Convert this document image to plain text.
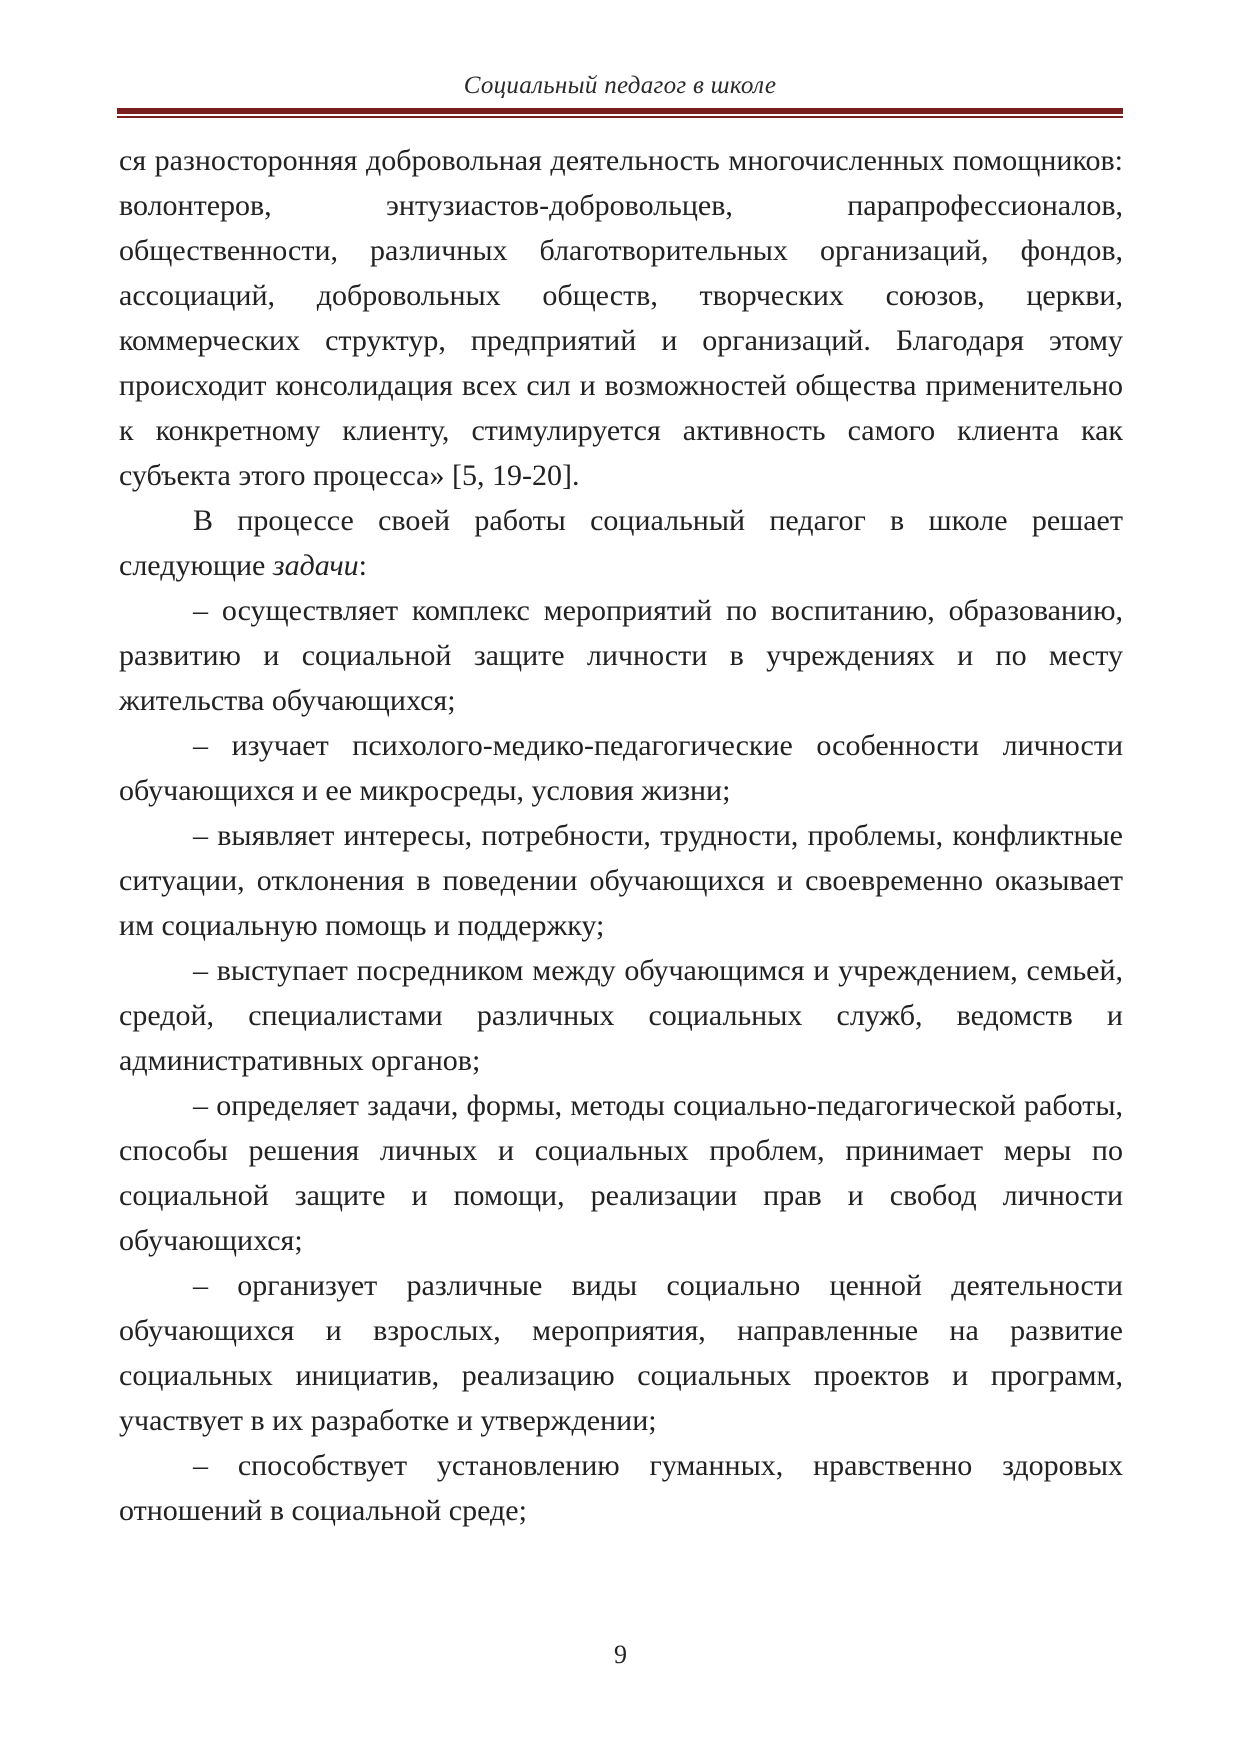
Социальный педагог в школе

ся разносторонняя добровольная деятельность многочисленных помощников: волонтеров, энтузиастов-добровольцев, парапрофессионалов, общественности, различных благотворительных организаций, фондов, ассоциаций, добровольных обществ, творческих союзов, церкви, коммерческих структур, предприятий и организаций. Благодаря этому происходит консолидация всех сил и возможностей общества применительно к конкретному клиенту, стимулируется активность самого клиента как субъекта этого процесса» [5, 19-20].

В процессе своей работы социальный педагог в школе решает следующие задачи:

– осуществляет комплекс мероприятий по воспитанию, образованию, развитию и социальной защите личности в учреждениях и по месту жительства обучающихся;

– изучает психолого-медико-педагогические особенности личности обучающихся и ее микросреды, условия жизни;

– выявляет интересы, потребности, трудности, проблемы, конфликтные ситуации, отклонения в поведении обучающихся и своевременно оказывает им социальную помощь и поддержку;

– выступает посредником между обучающимся и учреждением, семьей, средой, специалистами различных социальных служб, ведомств и административных органов;

– определяет задачи, формы, методы социально-педагогической работы, способы решения личных и социальных проблем, принимает меры по социальной защите и помощи, реализации прав и свобод личности обучающихся;

– организует различные виды социально ценной деятельности обучающихся и взрослых, мероприятия, направленные на развитие социальных инициатив, реализацию социальных проектов и программ, участвует в их разработке и утверждении;

– способствует установлению гуманных, нравственно здоровых отношений в социальной среде;

9
